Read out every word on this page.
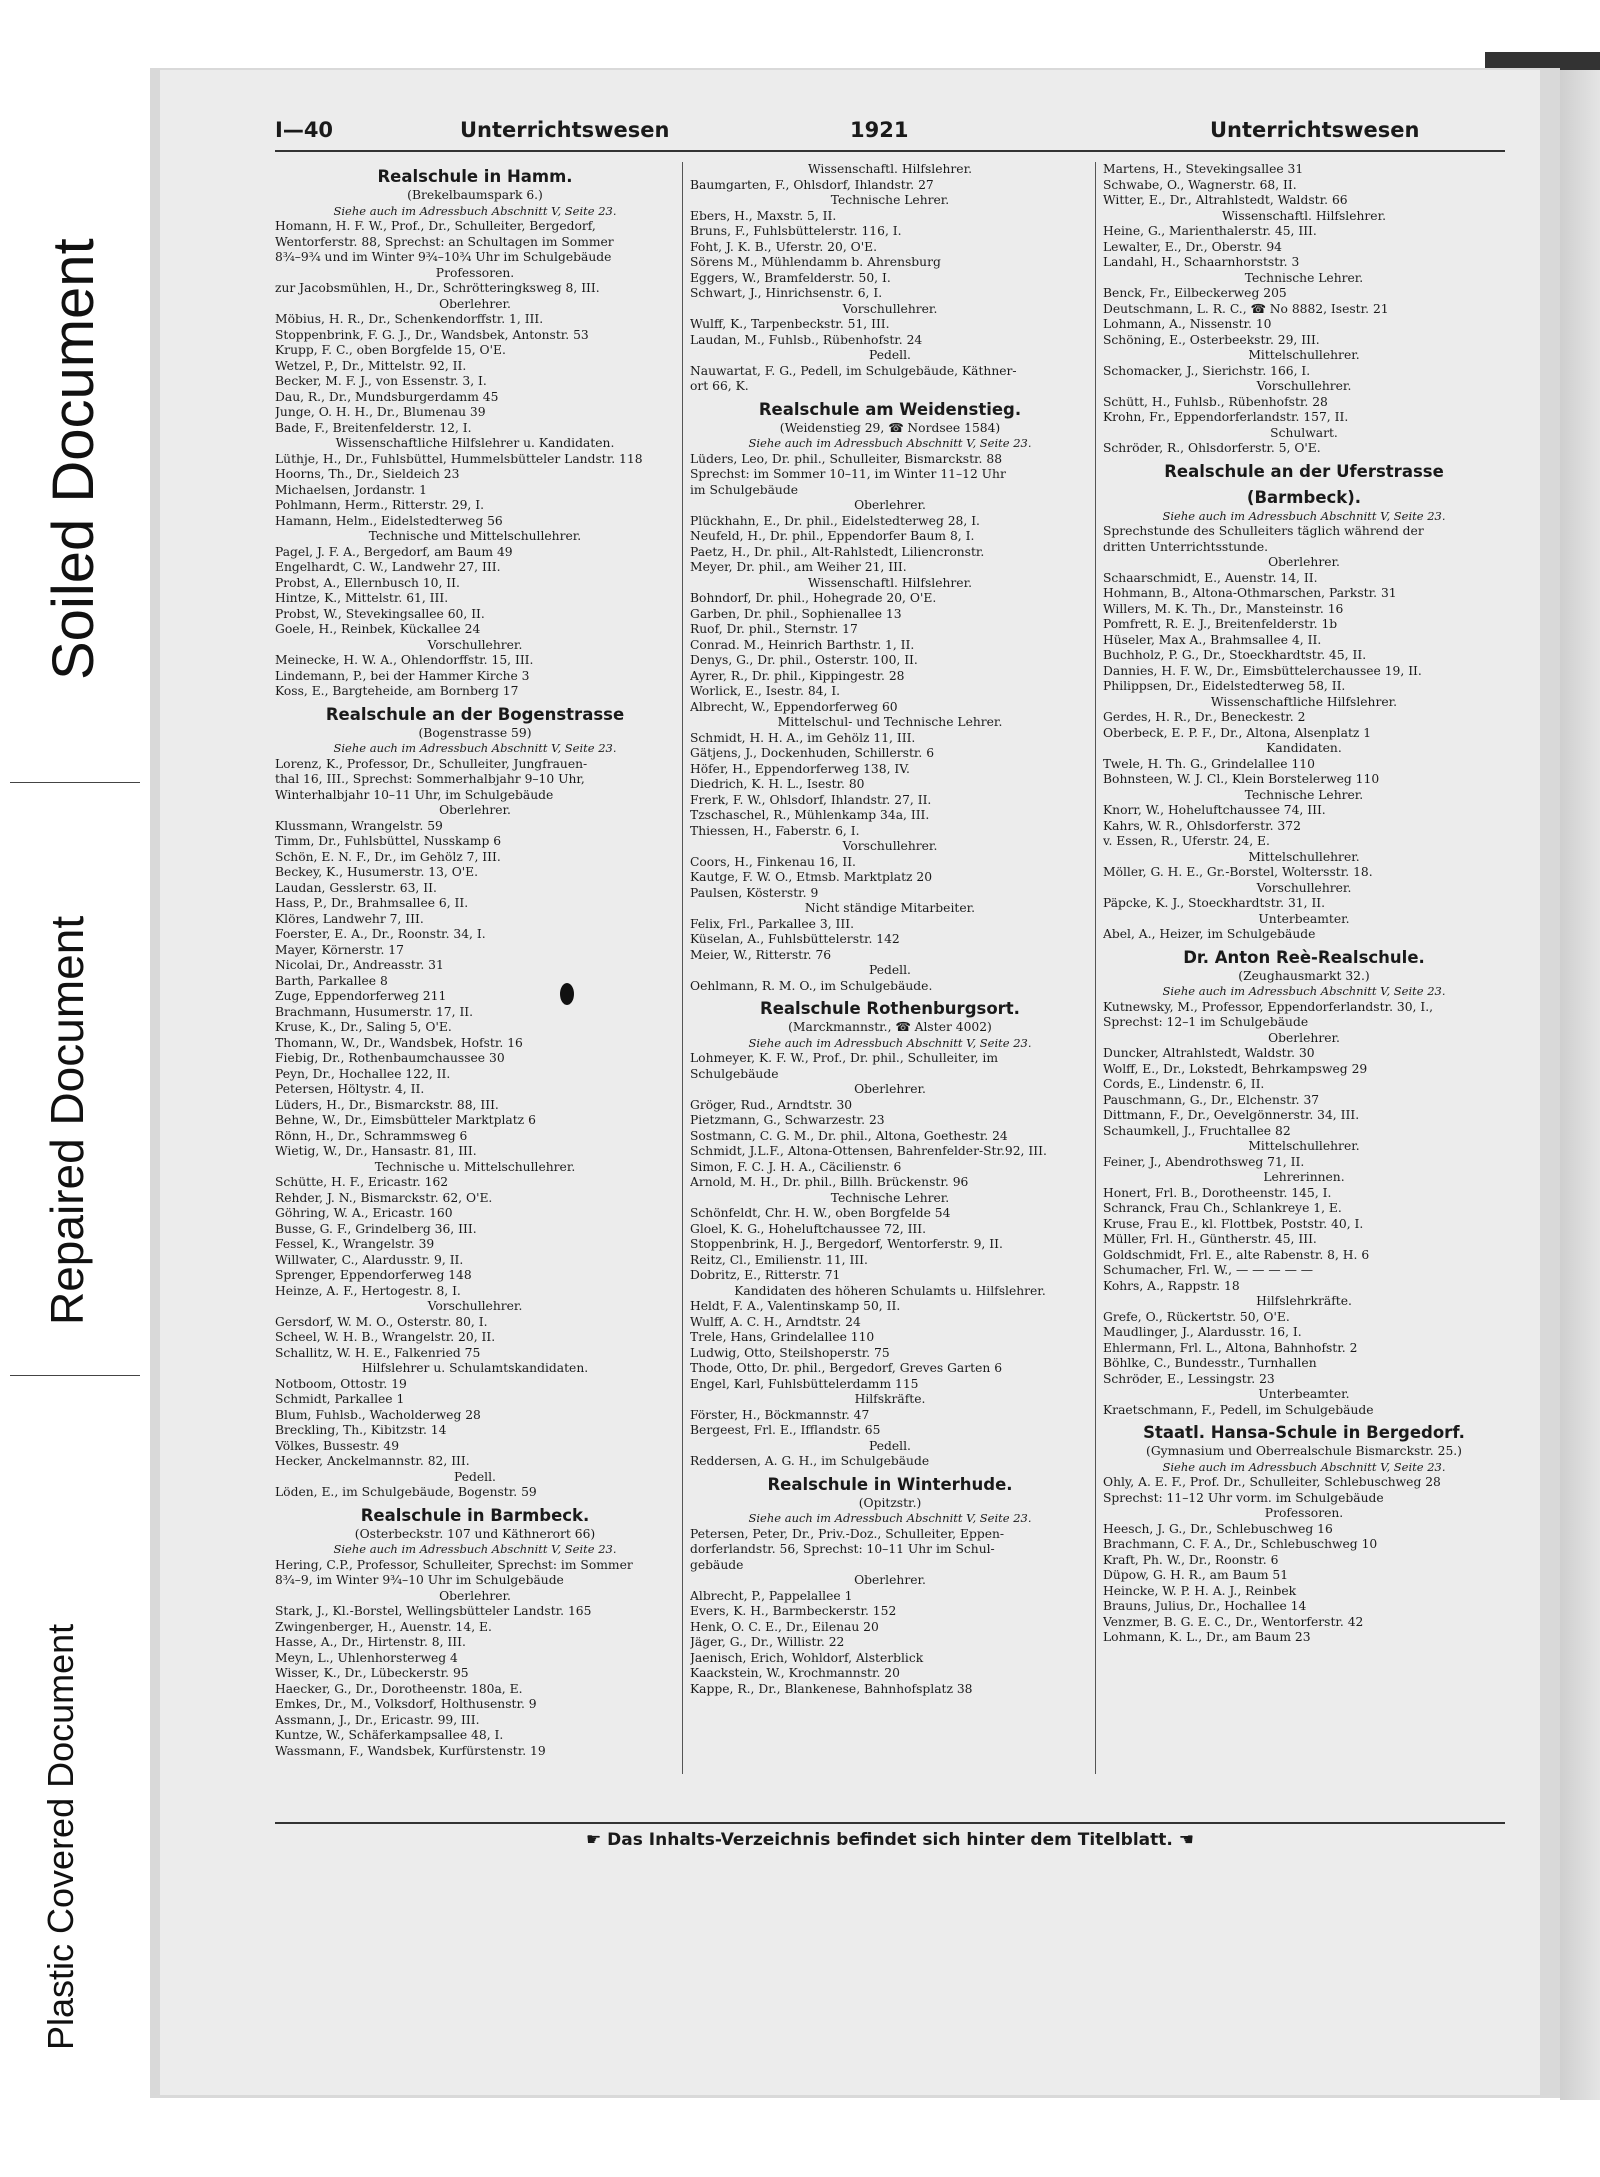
Soiled Document
Repaired Document
Plastic Covered Document
I—40	Unterrichtswesen	1921	Unterrichtswesen
Realschule in Hamm.
(Brekelbaumspark 6.)
Siehe auch im Adressbuch Abschnitt V, Seite 23.
Homann, H. F. W., Prof., Dr., Schulleiter, Bergedorf,
Wentorferstr. 88, Sprechst: an Schultagen im Sommer
8¾–9¾ und im Winter 9¾–10¾ Uhr im Schulgebäude
Professoren.
zur Jacobsmühlen, H., Dr., Schrötteringksweg 8, III.
Oberlehrer.
Möbius, H. R., Dr., Schenkendorffstr. 1, III.
Stoppenbrink, F. G. J., Dr., Wandsbek, Antonstr. 53
Krupp, F. C., oben Borgfelde 15, O'E.
Wetzel, P., Dr., Mittelstr. 92, II.
Becker, M. F. J., von Essenstr. 3, I.
Dau, R., Dr., Mundsburgerdamm 45
Junge, O. H. H., Dr., Blumenau 39
Bade, F., Breitenfelderstr. 12, I.
Wissenschaftliche Hilfslehrer u. Kandidaten.
Lüthje, H., Dr., Fuhlsbüttel, Hummelsbütteler Landstr. 118
Hoorns, Th., Dr., Sieldeich 23
Michaelsen, Jordanstr. 1
Pohlmann, Herm., Ritterstr. 29, I.
Hamann, Helm., Eidelstedterweg 56
Technische und Mittelschullehrer.
Pagel, J. F. A., Bergedorf, am Baum 49
Engelhardt, C. W., Landwehr 27, III.
Probst, A., Ellernbusch 10, II.
Hintze, K., Mittelstr. 61, III.
Probst, W., Stevekingsallee 60, II.
Goele, H., Reinbek, Kückallee 24
Vorschullehrer.
Meinecke, H. W. A., Ohlendorffstr. 15, III.
Lindemann, P., bei der Hammer Kirche 3
Koss, E., Bargteheide, am Bornberg 17
Realschule an der Bogenstrasse
(Bogenstrasse 59)
Siehe auch im Adressbuch Abschnitt V, Seite 23.
Lorenz, K., Professor, Dr., Schulleiter, Jungfrauen-
thal 16, III., Sprechst: Sommerhalbjahr 9–10 Uhr,
Winterhalbjahr 10–11 Uhr, im Schulgebäude
Oberlehrer.
Klussmann, Wrangelstr. 59
Timm, Dr., Fuhlsbüttel, Nusskamp 6
Schön, E. N. F., Dr., im Gehölz 7, III.
Beckey, K., Husumerstr. 13, O'E.
Laudan, Gesslerstr. 63, II.
Hass, P., Dr., Brahmsallee 6, II.
Klöres, Landwehr 7, III.
Foerster, E. A., Dr., Roonstr. 34, I.
Mayer, Körnerstr. 17
Nicolai, Dr., Andreasstr. 31
Barth, Parkallee 8
Zuge, Eppendorferweg 211
Brachmann, Husumerstr. 17, II.
Kruse, K., Dr., Saling 5, O'E.
Thomann, W., Dr., Wandsbek, Hofstr. 16
Fiebig, Dr., Rothenbaumchaussee 30
Peyn, Dr., Hochallee 122, II.
Petersen, Höltystr. 4, II.
Lüders, H., Dr., Bismarckstr. 88, III.
Behne, W., Dr., Eimsbütteler Marktplatz 6
Rönn, H., Dr., Schrammsweg 6
Wietig, W., Dr., Hansastr. 81, III.
Technische u. Mittelschullehrer.
Schütte, H. F., Ericastr. 162
Rehder, J. N., Bismarckstr. 62, O'E.
Göhring, W. A., Ericastr. 160
Busse, G. F., Grindelberg 36, III.
Fessel, K., Wrangelstr. 39
Willwater, C., Alardusstr. 9, II.
Sprenger, Eppendorferweg 148
Heinze, A. F., Hertogestr. 8, I.
Vorschullehrer.
Gersdorf, W. M. O., Osterstr. 80, I.
Scheel, W. H. B., Wrangelstr. 20, II.
Schallitz, W. H. E., Falkenried 75
Hilfslehrer u. Schulamtskandidaten.
Notboom, Ottostr. 19
Schmidt, Parkallee 1
Blum, Fuhlsb., Wacholderweg 28
Breckling, Th., Kibitzstr. 14
Völkes, Bussestr. 49
Hecker, Anckelmannstr. 82, III.
Pedell.
Löden, E., im Schulgebäude, Bogenstr. 59
Realschule in Barmbeck.
(Osterbeckstr. 107 und Käthnerort 66)
Siehe auch im Adressbuch Abschnitt V, Seite 23.
Hering, C.P., Professor, Schulleiter, Sprechst: im Sommer
8¾–9, im Winter 9¾–10 Uhr im Schulgebäude
Oberlehrer.
Stark, J., Kl.-Borstel, Wellingsbütteler Landstr. 165
Zwingenberger, H., Auenstr. 14, E.
Hasse, A., Dr., Hirtenstr. 8, III.
Meyn, L., Uhlenhorsterweg 4
Wisser, K., Dr., Lübeckerstr. 95
Haecker, G., Dr., Dorotheenstr. 180a, E.
Emkes, Dr., M., Volksdorf, Holthusenstr. 9
Assmann, J., Dr., Ericastr. 99, III.
Kuntze, W., Schäferkampsallee 48, I.
Wassmann, F., Wandsbek, Kurfürstenstr. 19
Wissenschaftl. Hilfslehrer.
Baumgarten, F., Ohlsdorf, Ihlandstr. 27
Technische Lehrer.
Ebers, H., Maxstr. 5, II.
Bruns, F., Fuhlsbüttelerstr. 116, I.
Foht, J. K. B., Uferstr. 20, O'E.
Sörens M., Mühlendamm b. Ahrensburg
Eggers, W., Bramfelderstr. 50, I.
Schwart, J., Hinrichsenstr. 6, I.
Vorschullehrer.
Wulff, K., Tarpenbeckstr. 51, III.
Laudan, M., Fuhlsb., Rübenhofstr. 24
Pedell.
Nauwartat, F. G., Pedell, im Schulgebäude, Käthner-
ort 66, K.
Realschule am Weidenstieg.
(Weidenstieg 29, ☎ Nordsee 1584)
Siehe auch im Adressbuch Abschnitt V, Seite 23.
Lüders, Leo, Dr. phil., Schulleiter, Bismarckstr. 88
Sprechst: im Sommer 10–11, im Winter 11–12 Uhr
im Schulgebäude
Oberlehrer.
Plückhahn, E., Dr. phil., Eidelstedterweg 28, I.
Neufeld, H., Dr. phil., Eppendorfer Baum 8, I.
Paetz, H., Dr. phil., Alt-Rahlstedt, Liliencronstr.
Meyer, Dr. phil., am Weiher 21, III.
Wissenschaftl. Hilfslehrer.
Bohndorf, Dr. phil., Hohegrade 20, O'E.
Garben, Dr. phil., Sophienallee 13
Ruof, Dr. phil., Sternstr. 17
Conrad. M., Heinrich Barthstr. 1, II.
Denys, G., Dr. phil., Osterstr. 100, II.
Ayrer, R., Dr. phil., Kippingestr. 28
Worlick, E., Isestr. 84, I.
Albrecht, W., Eppendorferweg 60
Mittelschul- und Technische Lehrer.
Schmidt, H. H. A., im Gehölz 11, III.
Gätjens, J., Dockenhuden, Schillerstr. 6
Höfer, H., Eppendorferweg 138, IV.
Diedrich, K. H. L., Isestr. 80
Frerk, F. W., Ohlsdorf, Ihlandstr. 27, II.
Tzschaschel, R., Mühlenkamp 34a, III.
Thiessen, H., Faberstr. 6, I.
Vorschullehrer.
Coors, H., Finkenau 16, II.
Kautge, F. W. O., Etmsb. Marktplatz 20
Paulsen, Kösterstr. 9
Nicht ständige Mitarbeiter.
Felix, Frl., Parkallee 3, III.
Küselan, A., Fuhlsbüttelerstr. 142
Meier, W., Ritterstr. 76
Pedell.
Oehlmann, R. M. O., im Schulgebäude.
Realschule Rothenburgsort.
(Marckmannstr., ☎ Alster 4002)
Siehe auch im Adressbuch Abschnitt V, Seite 23.
Lohmeyer, K. F. W., Prof., Dr. phil., Schulleiter, im
Schulgebäude
Oberlehrer.
Gröger, Rud., Arndtstr. 30
Pietzmann, G., Schwarzestr. 23
Sostmann, C. G. M., Dr. phil., Altona, Goethestr. 24
Schmidt, J.L.F., Altona-Ottensen, Bahrenfelder-Str.92, III.
Simon, F. C. J. H. A., Cäcilienstr. 6
Arnold, M. H., Dr. phil., Billh. Brückenstr. 96
Technische Lehrer.
Schönfeldt, Chr. H. W., oben Borgfelde 54
Gloel, K. G., Hoheluftchaussee 72, III.
Stoppenbrink, H. J., Bergedorf, Wentorferstr. 9, II.
Reitz, Cl., Emilienstr. 11, III.
Dobritz, E., Ritterstr. 71
Kandidaten des höheren Schulamts u. Hilfslehrer.
Heldt, F. A., Valentinskamp 50, II.
Wulff, A. C. H., Arndtstr. 24
Trele, Hans, Grindelallee 110
Ludwig, Otto, Steilshoperstr. 75
Thode, Otto, Dr. phil., Bergedorf, Greves Garten 6
Engel, Karl, Fuhlsbüttelerdamm 115
Hilfskräfte.
Förster, H., Böckmannstr. 47
Bergeest, Frl. E., Ifflandstr. 65
Pedell.
Reddersen, A. G. H., im Schulgebäude
Realschule in Winterhude.
(Opitzstr.)
Siehe auch im Adressbuch Abschnitt V, Seite 23.
Petersen, Peter, Dr., Priv.-Doz., Schulleiter, Eppen-
dorferlandstr. 56, Sprechst: 10–11 Uhr im Schul-
gebäude
Oberlehrer.
Albrecht, P., Pappelallee 1
Evers, K. H., Barmbeckerstr. 152
Henk, O. C. E., Dr., Eilenau 20
Jäger, G., Dr., Willistr. 22
Jaenisch, Erich, Wohldorf, Alsterblick
Kaackstein, W., Krochmannstr. 20
Kappe, R., Dr., Blankenese, Bahnhofsplatz 38
Martens, H., Stevekingsallee 31
Schwabe, O., Wagnerstr. 68, II.
Witter, E., Dr., Altrahlstedt, Waldstr. 66
Wissenschaftl. Hilfslehrer.
Heine, G., Marienthalerstr. 45, III.
Lewalter, E., Dr., Oberstr. 94
Landahl, H., Schaarnhorststr. 3
Technische Lehrer.
Benck, Fr., Eilbeckerweg 205
Deutschmann, L. R. C., ☎ No 8882, Isestr. 21
Lohmann, A., Nissenstr. 10
Schöning, E., Osterbeekstr. 29, III.
Mittelschullehrer.
Schomacker, J., Sierichstr. 166, I.
Vorschullehrer.
Schütt, H., Fuhlsb., Rübenhofstr. 28
Krohn, Fr., Eppendorferlandstr. 157, II.
Schulwart.
Schröder, R., Ohlsdorferstr. 5, O'E.
Realschule an der Uferstrasse
(Barmbeck).
Siehe auch im Adressbuch Abschnitt V, Seite 23.
Sprechstunde des Schulleiters täglich während der
dritten Unterrichtsstunde.
Oberlehrer.
Schaarschmidt, E., Auenstr. 14, II.
Hohmann, B., Altona-Othmarschen, Parkstr. 31
Willers, M. K. Th., Dr., Mansteinstr. 16
Pomfrett, R. E. J., Breitenfelderstr. 1b
Hüseler, Max A., Brahmsallee 4, II.
Buchholz, P. G., Dr., Stoeckhardtstr. 45, II.
Dannies, H. F. W., Dr., Eimsbüttelerchaussee 19, II.
Philippsen, Dr., Eidelstedterweg 58, II.
Wissenschaftliche Hilfslehrer.
Gerdes, H. R., Dr., Beneckestr. 2
Oberbeck, E. P. F., Dr., Altona, Alsenplatz 1
Kandidaten.
Twele, H. Th. G., Grindelallee 110
Bohnsteen, W. J. Cl., Klein Borstelerweg 110
Technische Lehrer.
Knorr, W., Hoheluftchaussee 74, III.
Kahrs, W. R., Ohlsdorferstr. 372
v. Essen, R., Uferstr. 24, E.
Mittelschullehrer.
Möller, G. H. E., Gr.-Borstel, Woltersstr. 18.
Vorschullehrer.
Päpcke, K. J., Stoeckhardtstr. 31, II.
Unterbeamter.
Abel, A., Heizer, im Schulgebäude
Dr. Anton Reè-Realschule.
(Zeughausmarkt 32.)
Siehe auch im Adressbuch Abschnitt V, Seite 23.
Kutnewsky, M., Professor, Eppendorferlandstr. 30, I.,
Sprechst: 12–1 im Schulgebäude
Oberlehrer.
Duncker, Altrahlstedt, Waldstr. 30
Wolff, E., Dr., Lokstedt, Behrkampsweg 29
Cords, E., Lindenstr. 6, II.
Pauschmann, G., Dr., Elchenstr. 37
Dittmann, F., Dr., Oevelgönnerstr. 34, III.
Schaumkell, J., Fruchtallee 82
Mittelschullehrer.
Feiner, J., Abendrothsweg 71, II.
Lehrerinnen.
Honert, Frl. B., Dorotheenstr. 145, I.
Schranck, Frau Ch., Schlankreye 1, E.
Kruse, Frau E., kl. Flottbek, Poststr. 40, I.
Müller, Frl. H., Güntherstr. 45, III.
Goldschmidt, Frl. E., alte Rabenstr. 8, H. 6
Schumacher, Frl. W., — — — — —
Kohrs, A., Rappstr. 18
Hilfslehrkräfte.
Grefe, O., Rückertstr. 50, O'E.
Maudlinger, J., Alardusstr. 16, I.
Ehlermann, Frl. L., Altona, Bahnhofstr. 2
Böhlke, C., Bundesstr., Turnhallen
Schröder, E., Lessingstr. 23
Unterbeamter.
Kraetschmann, F., Pedell, im Schulgebäude
Staatl. Hansa-Schule in Bergedorf.
(Gymnasium und Oberrealschule Bismarckstr. 25.)
Siehe auch im Adressbuch Abschnitt V, Seite 23.
Ohly, A. E. F., Prof. Dr., Schulleiter, Schlebuschweg 28
Sprechst: 11–12 Uhr vorm. im Schulgebäude
Professoren.
Heesch, J. G., Dr., Schlebuschweg 16
Brachmann, C. F. A., Dr., Schlebuschweg 10
Kraft, Ph. W., Dr., Roonstr. 6
Düpow, G. H. R., am Baum 51
Heincke, W. P. H. A. J., Reinbek
Brauns, Julius, Dr., Hochallee 14
Venzmer, B. G. E. C., Dr., Wentorferstr. 42
Lohmann, K. L., Dr., am Baum 23
☛ Das Inhalts-Verzeichnis befindet sich hinter dem Titelblatt. ☚
